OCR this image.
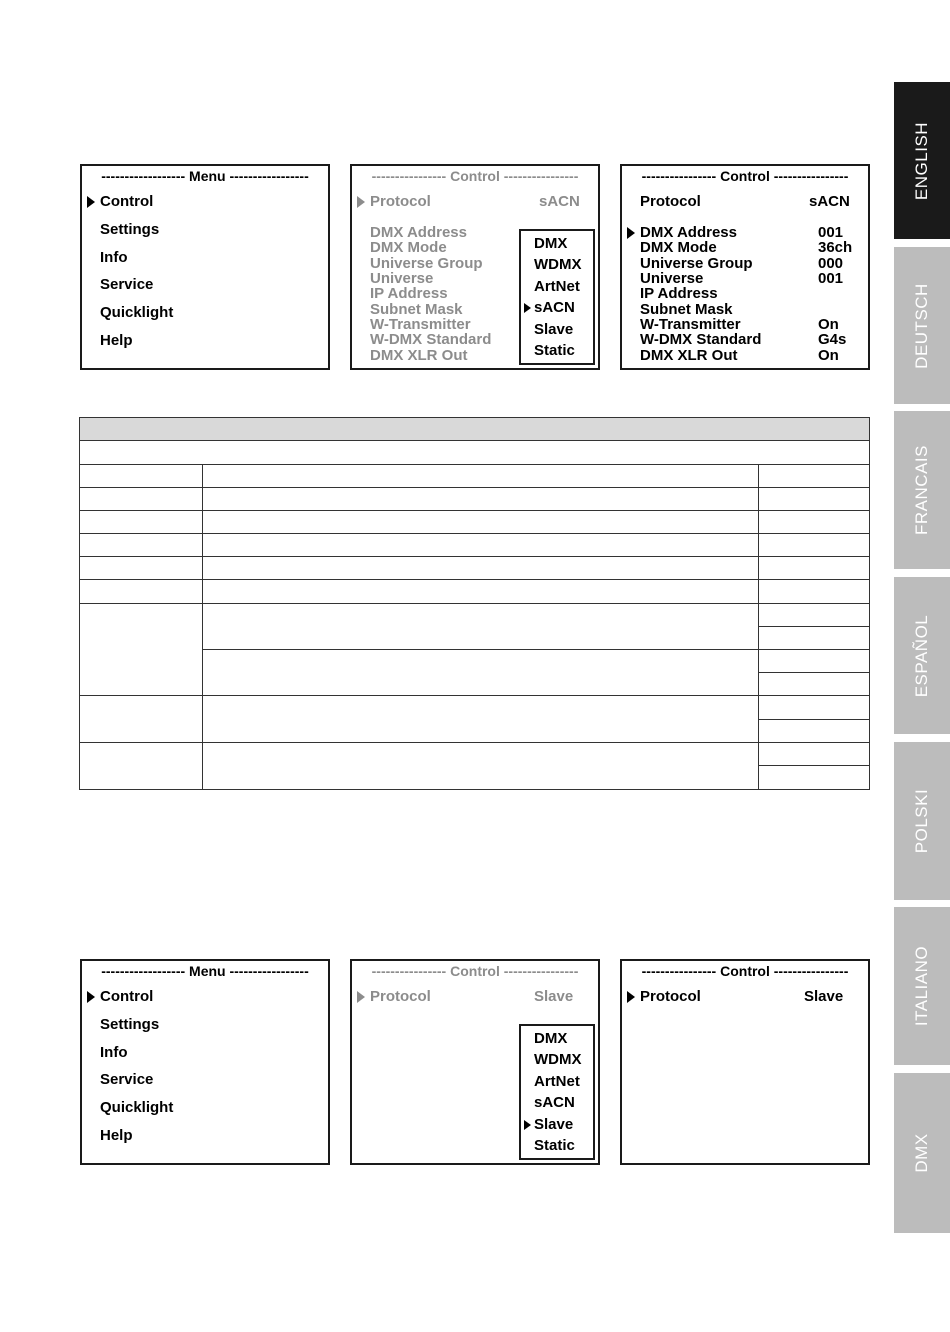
ENGLISH
DEUTSCH
FRANCAIS
ESPAÑOL
POLSKI
ITALIANO
DMX
------------------ Menu -----------------
Control
Settings
Info
Service
Quicklight
Help
---------------- Control ----------------
Protocol	sACN
DMX Address
DMX Mode
Universe Group
Universe
IP Address
Subnet Mask
W-Transmitter
W-DMX Standard
DMX XLR Out
DMX
WDMX
ArtNet
sACN
Slave
Static
---------------- Control ----------------
Protocol	sACN
DMX Address	001
DMX Mode	36ch
Universe Group	000
Universe	001
IP Address
Subnet Mask
W-Transmitter	On
W-DMX Standard	G4s
DMX XLR Out	On
------------------ Menu -----------------
Control
Settings
Info
Service
Quicklight
Help
---------------- Control ----------------
Protocol	Slave
DMX
WDMX
ArtNet
sACN
Slave
Static
---------------- Control ----------------
Protocol	Slave
